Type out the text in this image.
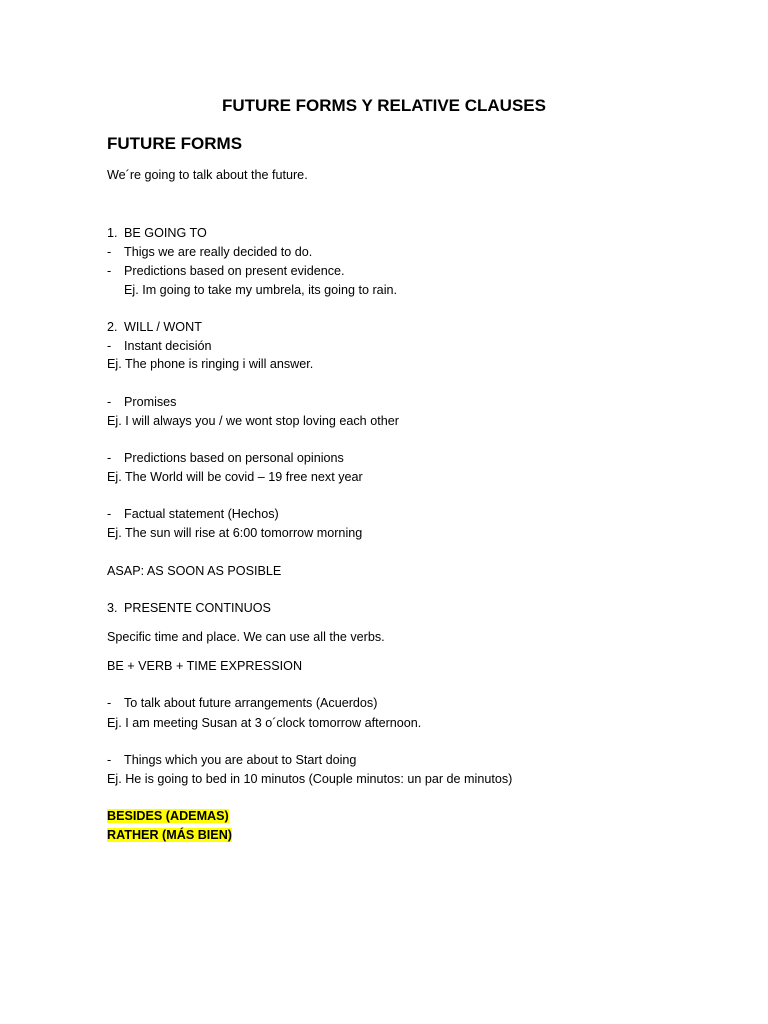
FUTURE FORMS Y RELATIVE CLAUSES
FUTURE FORMS
We´re going to talk about the future.
1. BE GOING TO
- Thigs we are really decided to do.
- Predictions based on present evidence.
Ej. Im going to take my umbrela, its going to rain.
2. WILL / WONT
- Instant decisión
Ej. The phone is ringing i will answer.
- Promises
Ej. I will always you / we wont stop loving each other
- Predictions based on personal opinions
Ej. The World will be covid – 19 free next year
- Factual statement (Hechos)
Ej. The sun will rise at 6:00 tomorrow morning
ASAP: AS SOON AS POSIBLE
3. PRESENTE CONTINUOS
Specific time and place. We can use all the verbs.
BE + VERB + TIME EXPRESSION
- To talk about future arrangements (Acuerdos)
Ej. I am meeting Susan at 3 o´clock tomorrow afternoon.
- Things which you are about to Start doing
Ej. He is going to bed in 10 minutos (Couple minutos: un par de minutos)
BESIDES (ADEMAS)
RATHER (MÁS BIEN)
